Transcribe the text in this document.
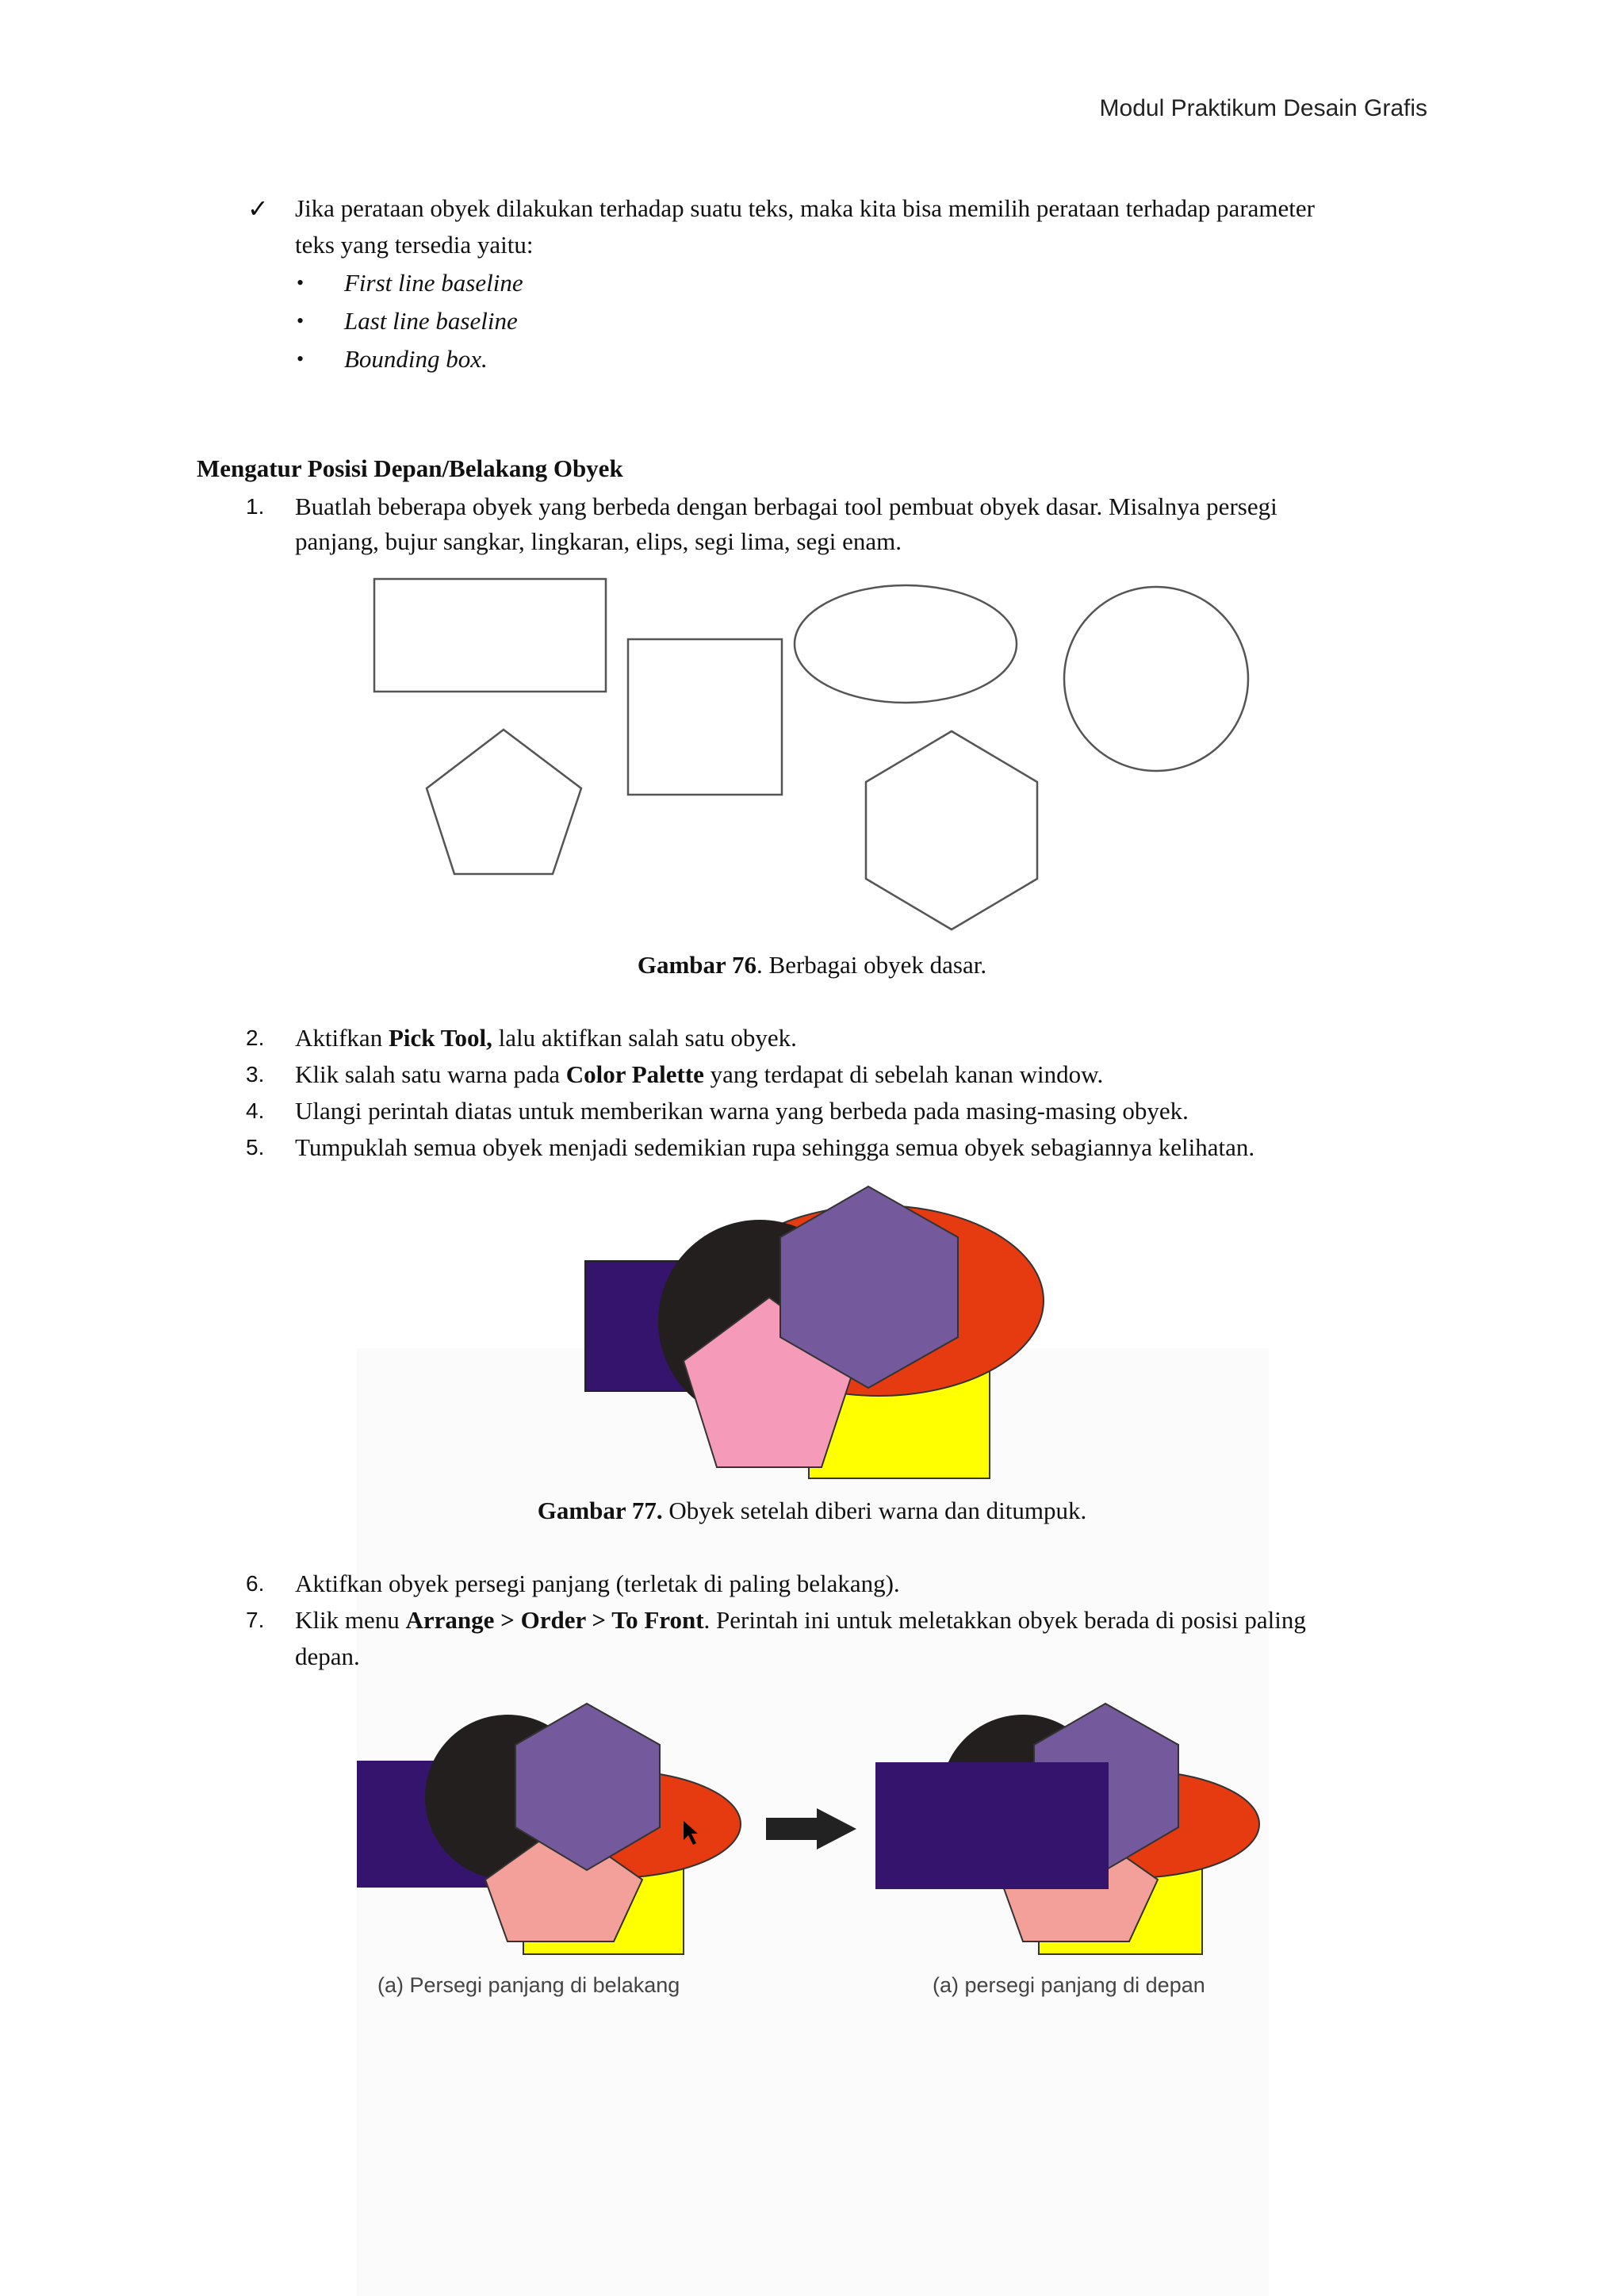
Modul Praktikum Desain Grafis
✓ Jika perataan obyek dilakukan terhadap suatu teks, maka kita bisa memilih perataan terhadap parameter
teks yang tersedia yaitu:
• First line baseline
• Last line baseline
• Bounding box.
Mengatur Posisi Depan/Belakang Obyek
1. Buatlah beberapa obyek yang berbeda dengan berbagai tool pembuat obyek dasar. Misalnya persegi
panjang, bujur sangkar, lingkaran, elips, segi lima, segi enam.
Gambar 76. Berbagai obyek dasar.
2. Aktifkan Pick Tool, lalu aktifkan salah satu obyek.
3. Klik salah satu warna pada Color Palette yang terdapat di sebelah kanan window.
4. Ulangi perintah diatas untuk memberikan warna yang berbeda pada masing-masing obyek.
5. Tumpuklah semua obyek menjadi sedemikian rupa sehingga semua obyek sebagiannya kelihatan.
Gambar 77. Obyek setelah diberi warna dan ditumpuk.
6. Aktifkan obyek persegi panjang (terletak di paling belakang).
7. Klik menu Arrange > Order > To Front. Perintah ini untuk meletakkan obyek berada di posisi paling
depan.
(a) Persegi panjang di belakang	(a) persegi panjang di depan
